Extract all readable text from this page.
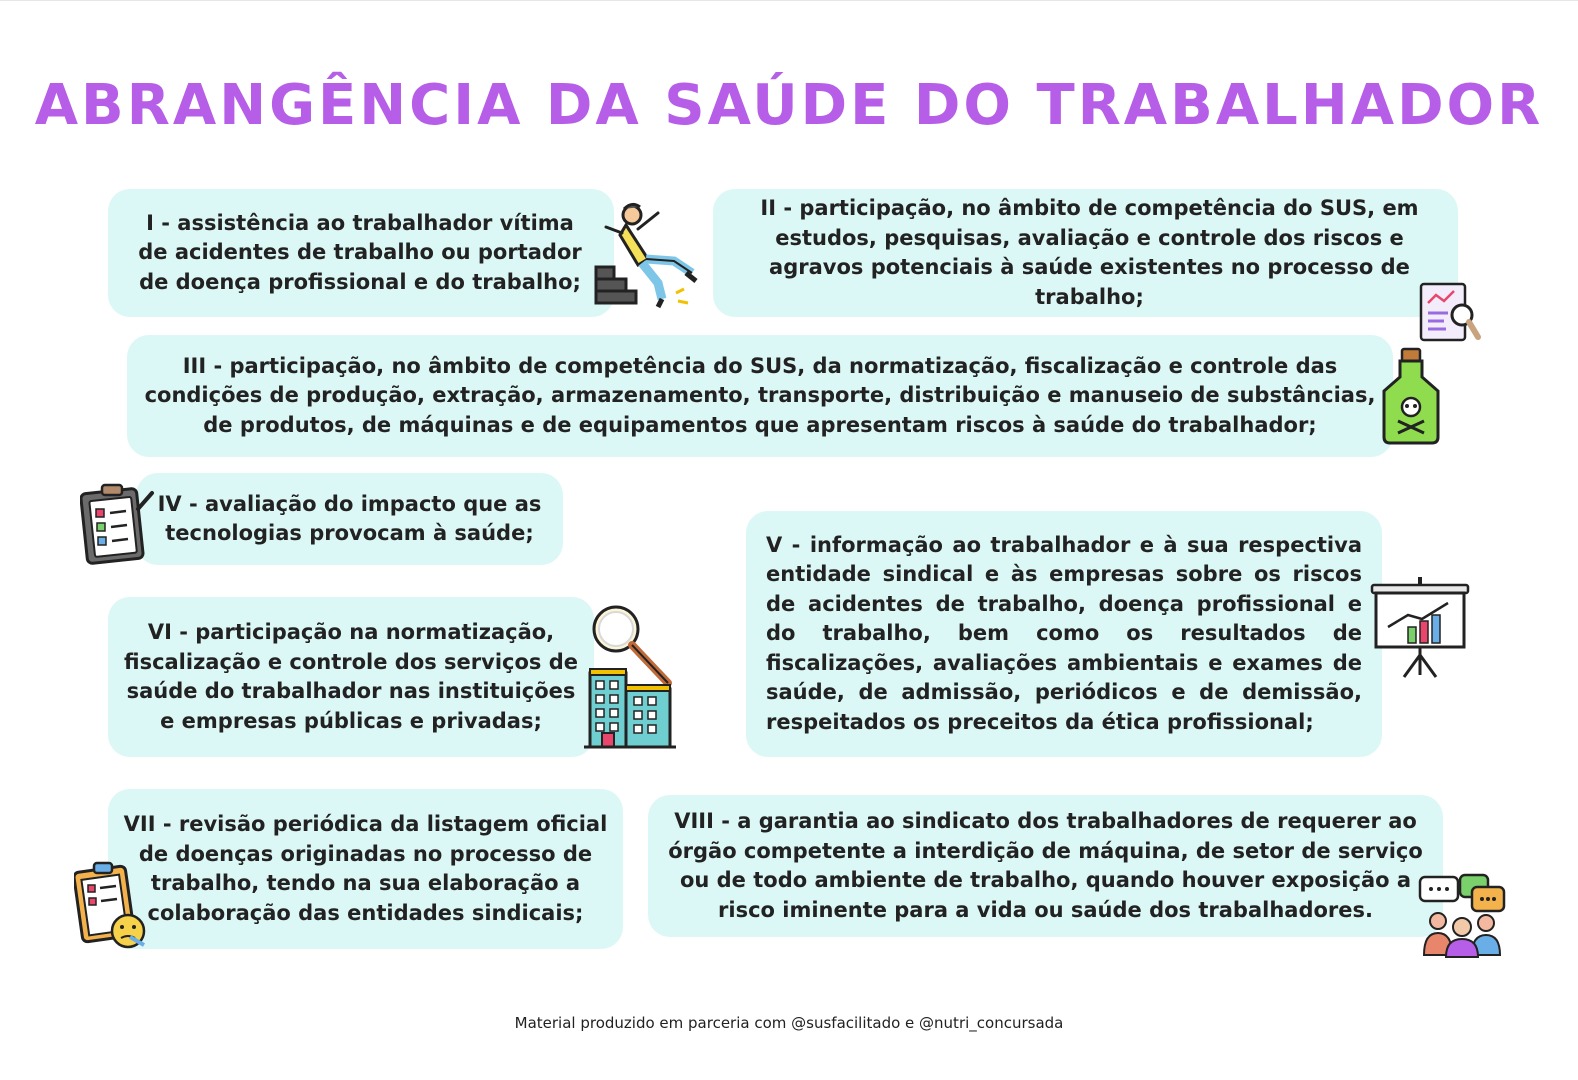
ABRANGÊNCIA DA SAÚDE DO TRABALHADOR
I - assistência ao trabalhador vítima de acidentes de trabalho ou portador de doença profissional e do trabalho;
II - participação, no âmbito de competência do SUS, em estudos, pesquisas, avaliação e controle dos riscos e agravos potenciais à saúde existentes no processo de trabalho;
III - participação, no âmbito de competência do SUS, da normatização, fiscalização e controle das condições de produção, extração, armazenamento, transporte, distribuição e manuseio de substâncias, de produtos, de máquinas e de equipamentos que apresentam riscos à saúde do trabalhador;
IV - avaliação do impacto que as tecnologias provocam à saúde;	V - informação ao trabalhador e à sua respectiva entidade sindical e às empresas sobre os riscos de acidentes de trabalho, doença profissional e do trabalho, bem como os resultados de fiscalizações, avaliações ambientais e exames de saúde, de admissão, periódicos e de demissão, respeitados os preceitos da ética profissional;
VI - participação na normatização, fiscalização e controle dos serviços de saúde do trabalhador nas instituições e empresas públicas e privadas;
VII - revisão periódica da listagem oficial de doenças originadas no processo de trabalho, tendo na sua elaboração a colaboração das entidades sindicais;
VIII - a garantia ao sindicato dos trabalhadores de requerer ao órgão competente a interdição de máquina, de setor de serviço ou de todo ambiente de trabalho, quando houver exposição a risco iminente para a vida ou saúde dos trabalhadores.
Material produzido em parceria com @susfacilitado e @nutri_concursada
